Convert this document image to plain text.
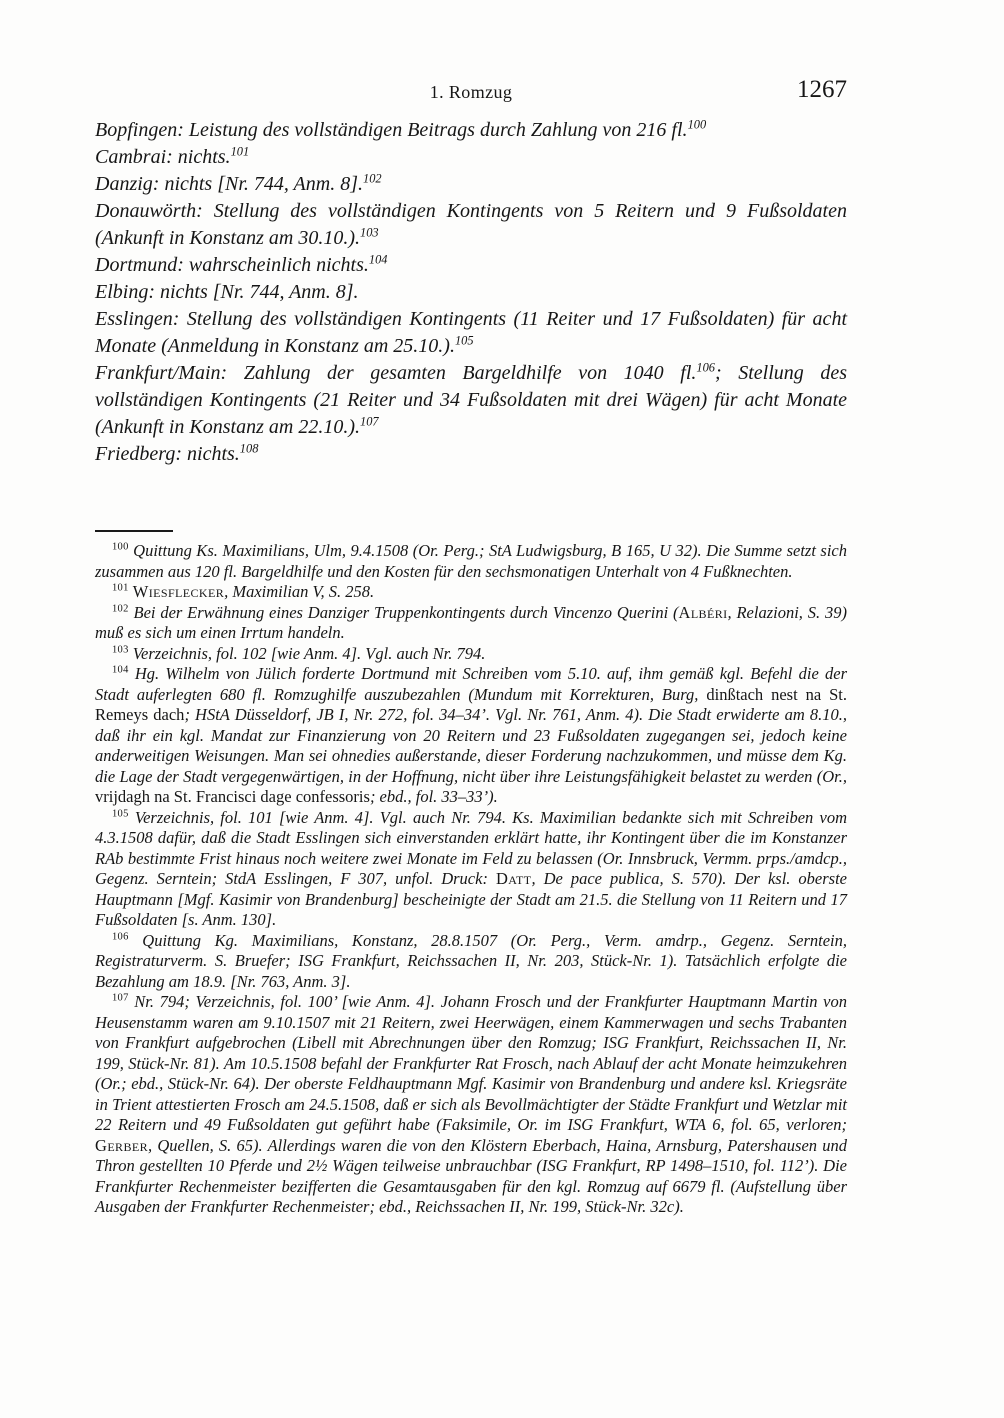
1. Romzug	1267

Bopfingen: Leistung des vollständigen Beitrags durch Zahlung von 216 fl.$^{100}$

Cambrai: nichts.$^{101}$

Danzig: nichts [Nr. 744, Anm. 8].$^{102}$

Donauwörth: Stellung des vollständigen Kontingents von 5 Reitern und 9 Fußsoldaten (Ankunft in Konstanz am 30.10.).$^{103}$

Dortmund: wahrscheinlich nichts.$^{104}$

Elbing: nichts [Nr. 744, Anm. 8].

Esslingen: Stellung des vollständigen Kontingents (11 Reiter und 17 Fußsoldaten) für acht Monate (Anmeldung in Konstanz am 25.10.).$^{105}$

Frankfurt/Main: Zahlung der gesamten Bargeldhilfe von 1040 fl.$^{106}$; Stellung des vollständigen Kontingents (21 Reiter und 34 Fußsoldaten mit drei Wägen) für acht Monate (Ankunft in Konstanz am 22.10.).$^{107}$

Friedberg: nichts.$^{108}$

$^{100}$ Quittung Ks. Maximilians, Ulm, 9.4.1508 (Or. Perg.; StA Ludwigsburg, B 165, U 32). Die Summe setzt sich zusammen aus 120 fl. Bargeldhilfe und den Kosten für den sechsmonatigen Unterhalt von 4 Fußknechten.

$^{101}$ Wiesflecker, Maximilian V, S. 258.

$^{102}$ Bei der Erwähnung eines Danziger Truppenkontingents durch Vincenzo Querini (Albéri, Relazioni, S. 39) muß es sich um einen Irrtum handeln.

$^{103}$ Verzeichnis, fol. 102 [wie Anm. 4]. Vgl. auch Nr. 794.

$^{104}$ Hg. Wilhelm von Jülich forderte Dortmund mit Schreiben vom 5.10. auf, ihm gemäß kgl. Befehl die der Stadt auferlegten 680 fl. Romzughilfe auszubezahlen (Mundum mit Korrekturen, Burg, dinßtach nest na St. Remeys dach; HStA Düsseldorf, JB I, Nr. 272, fol. 34–34’. Vgl. Nr. 761, Anm. 4). Die Stadt erwiderte am 8.10., daß ihr ein kgl. Mandat zur Finanzierung von 20 Reitern und 23 Fußsoldaten zugegangen sei, jedoch keine anderweitigen Weisungen. Man sei ohnedies außerstande, dieser Forderung nachzukommen, und müsse dem Kg. die Lage der Stadt vergegenwärtigen, in der Hoffnung, nicht über ihre Leistungsfähigkeit belastet zu werden (Or., vrijdagh na St. Francisci dage confessoris; ebd., fol. 33–33’).

$^{105}$ Verzeichnis, fol. 101 [wie Anm. 4]. Vgl. auch Nr. 794. Ks. Maximilian bedankte sich mit Schreiben vom 4.3.1508 dafür, daß die Stadt Esslingen sich einverstanden erklärt hatte, ihr Kontingent über die im Konstanzer RAb bestimmte Frist hinaus noch weitere zwei Monate im Feld zu belassen (Or. Innsbruck, Vermm. prps./amdcp., Gegenz. Serntein; StdA Esslingen, F 307, unfol. Druck: Datt, De pace publica, S. 570). Der ksl. oberste Hauptmann [Mgf. Kasimir von Brandenburg] bescheinigte der Stadt am 21.5. die Stellung von 11 Reitern und 17 Fußsoldaten [s. Anm. 130].

$^{106}$ Quittung Kg. Maximilians, Konstanz, 28.8.1507 (Or. Perg., Verm. amdrp., Gegenz. Serntein, Registraturverm. S. Bruefer; ISG Frankfurt, Reichssachen II, Nr. 203, Stück-Nr. 1). Tatsächlich erfolgte die Bezahlung am 18.9. [Nr. 763, Anm. 3].

$^{107}$ Nr. 794; Verzeichnis, fol. 100’ [wie Anm. 4]. Johann Frosch und der Frankfurter Hauptmann Martin von Heusenstamm waren am 9.10.1507 mit 21 Reitern, zwei Heerwägen, einem Kammerwagen und sechs Trabanten von Frankfurt aufgebrochen (Libell mit Abrechnungen über den Romzug; ISG Frankfurt, Reichssachen II, Nr. 199, Stück-Nr. 81). Am 10.5.1508 befahl der Frankfurter Rat Frosch, nach Ablauf der acht Monate heimzukehren (Or.; ebd., Stück-Nr. 64). Der oberste Feldhauptmann Mgf. Kasimir von Brandenburg und andere ksl. Kriegsräte in Trient attestierten Frosch am 24.5.1508, daß er sich als Bevollmächtigter der Städte Frankfurt und Wetzlar mit 22 Reitern und 49 Fußsoldaten gut geführt habe (Faksimile, Or. im ISG Frankfurt, WTA 6, fol. 65, verloren; Gerber, Quellen, S. 65). Allerdings waren die von den Klöstern Eberbach, Haina, Arnsburg, Patershausen und Thron gestellten 10 Pferde und 2½ Wägen teilweise unbrauchbar (ISG Frankfurt, RP 1498–1510, fol. 112’). Die Frankfurter Rechenmeister bezifferten die Gesamtausgaben für den kgl. Romzug auf 6679 fl. (Aufstellung über Ausgaben der Frankfurter Rechenmeister; ebd., Reichssachen II, Nr. 199, Stück-Nr. 32c).
